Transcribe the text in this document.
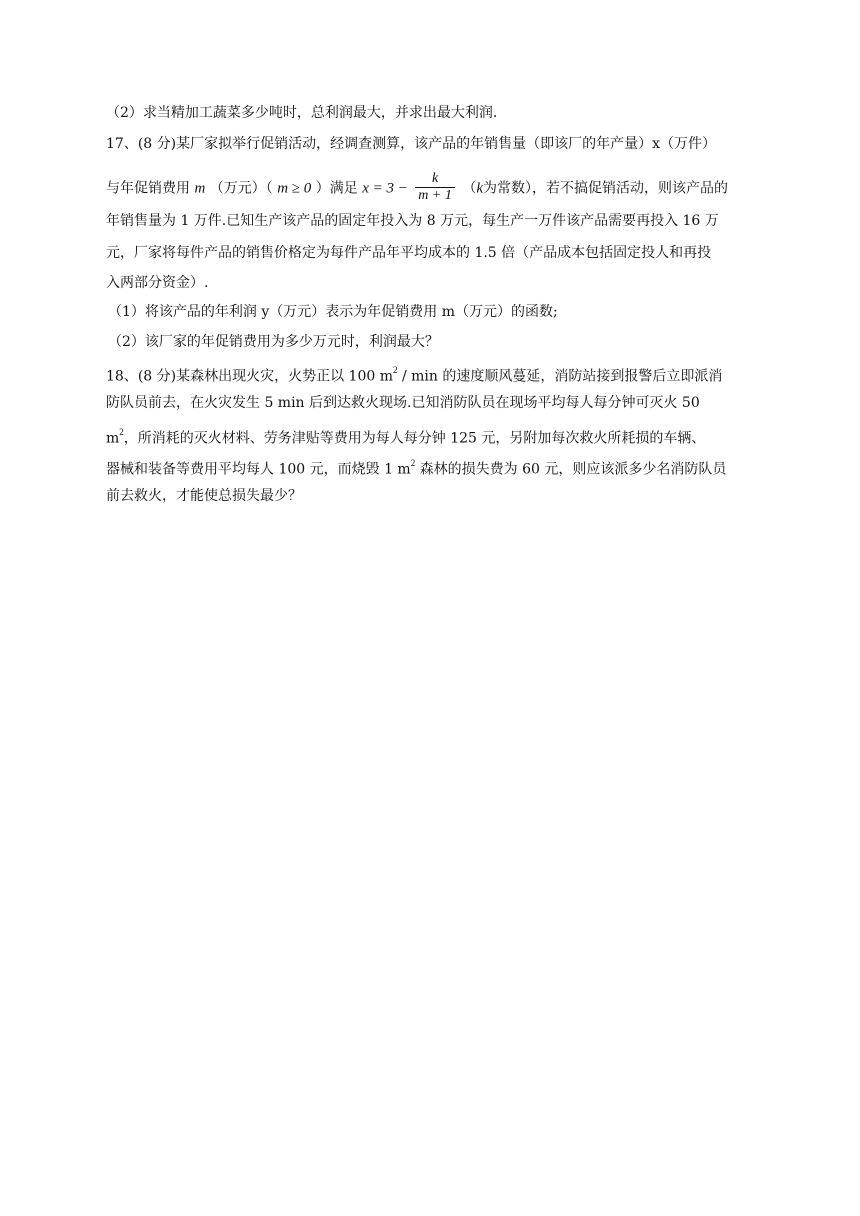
（2）求当精加工蔬菜多少吨时，总利润最大，并求出最大利润.
17、(8 分)某厂家拟举行促销活动，经调查测算，该产品的年销售量（即该厂的年产量）x（万件）
与年促销费用 m （万元）（ m ≥ 0 ）满足 $x = 3 - \frac{k}{m + 1} (k$为常数），若不搞促销活动，则该产品的
年销售量为 1 万件.已知生产该产品的固定年投入为 8 万元，每生产一万件该产品需要再投入 16 万
元，厂家将每件产品的销售价格定为每件产品年平均成本的 1.5 倍（产品成本包括固定投人和再投
入两部分资金）.
（1）将该产品的年利润 y（万元）表示为年促销费用 m（万元）的函数;
（2）该厂家的年促销费用为多少万元时，利润最大？
18、(8 分)某森林出现火灾，火势正以 100 $m^2$ / min 的速度顺风蔓延，消防站接到报警后立即派消
防队员前去，在火灾发生 5 min 后到达救火现场.已知消防队员在现场平均每人每分钟可灭火 50
$m^2$，所消耗的灭火材料、劳务津贴等费用为每人每分钟 125 元，另附加每次救火所耗损的车辆、
器械和装备等费用平均每人 100 元，而烧毁 1 $m^2$ 森林的损失费为 60 元，则应该派多少名消防队员
前去救火，才能使总损失最少？
